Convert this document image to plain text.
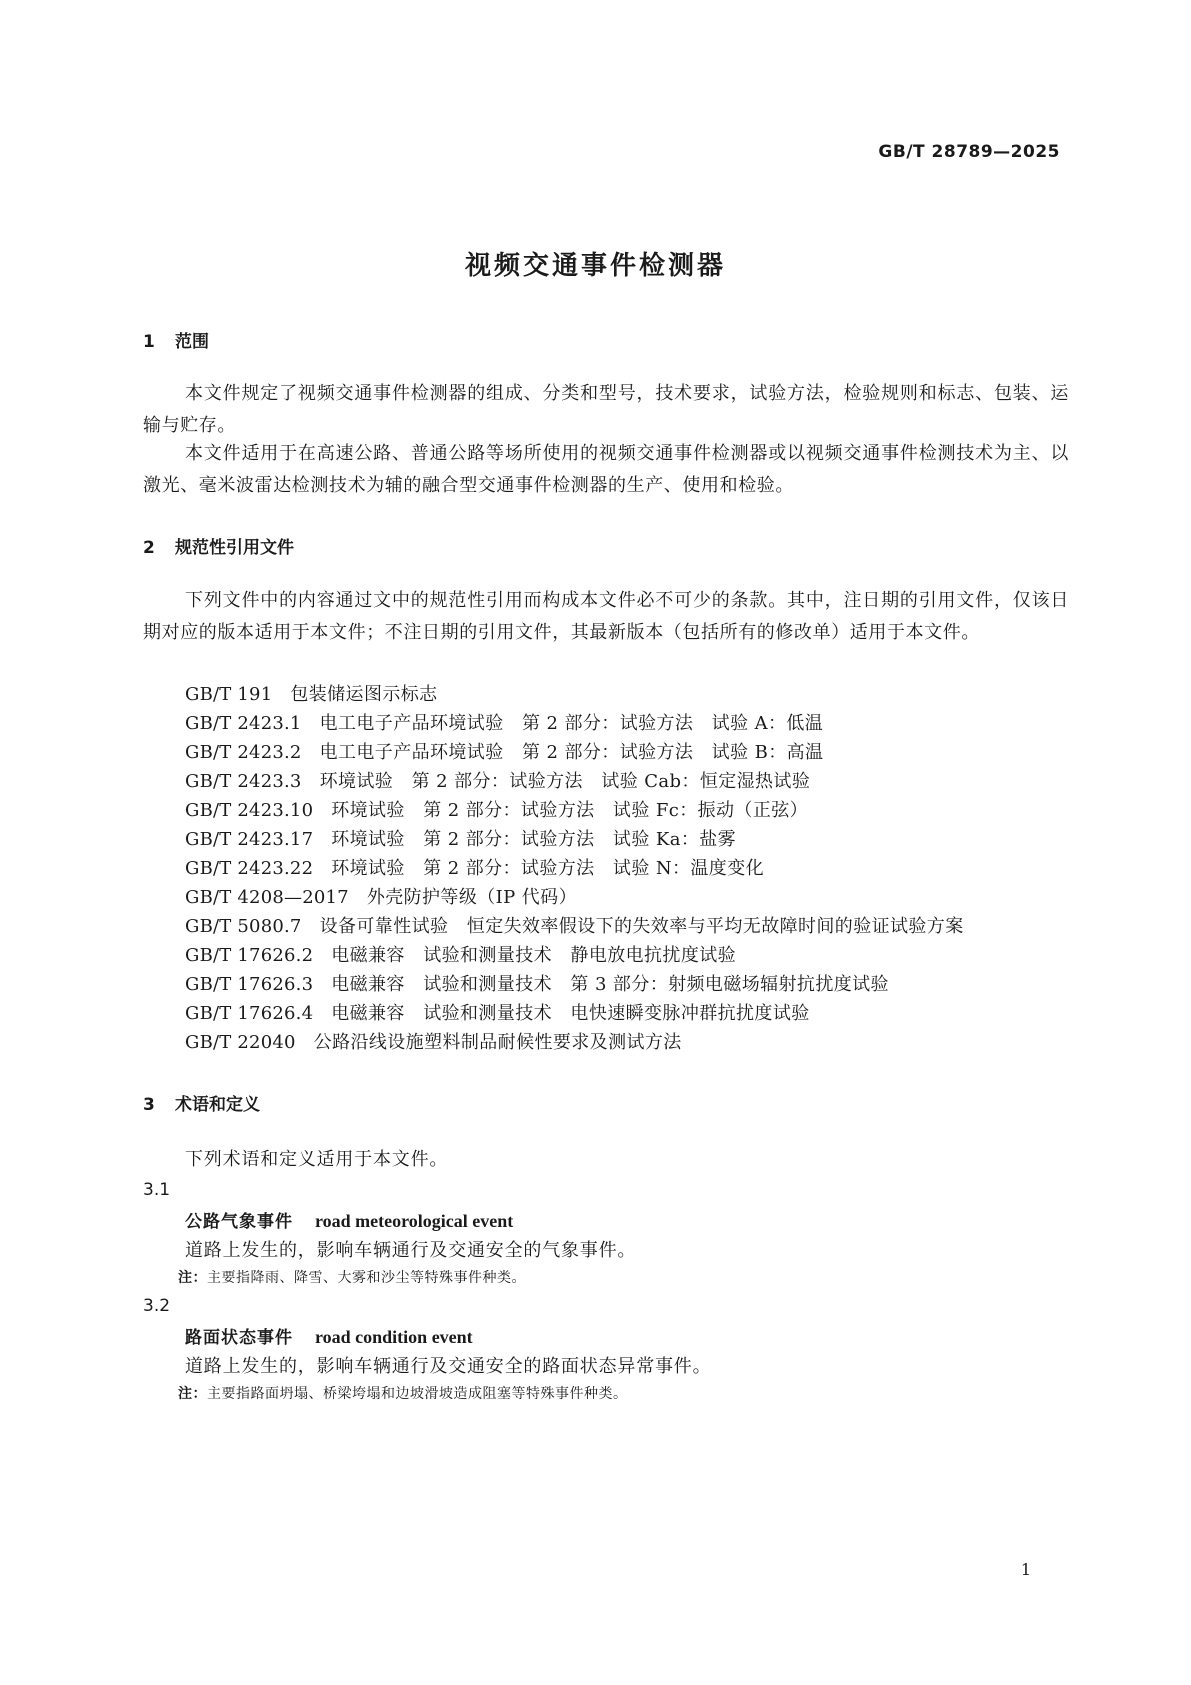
GB/T 28789—2025
视频交通事件检测器
1 范围
本文件规定了视频交通事件检测器的组成、分类和型号，技术要求，试验方法，检验规则和标志、包装、运输与贮存。
本文件适用于在高速公路、普通公路等场所使用的视频交通事件检测器或以视频交通事件检测技术为主、以激光、毫米波雷达检测技术为辅的融合型交通事件检测器的生产、使用和检验。
2 规范性引用文件
下列文件中的内容通过文中的规范性引用而构成本文件必不可少的条款。其中，注日期的引用文件，仅该日期对应的版本适用于本文件；不注日期的引用文件，其最新版本（包括所有的修改单）适用于本文件。
GB/T 191 包装储运图示标志
GB/T 2423.1 电工电子产品环境试验　第 2 部分：试验方法　试验 A：低温
GB/T 2423.2 电工电子产品环境试验　第 2 部分：试验方法　试验 B：高温
GB/T 2423.3 环境试验　第 2 部分：试验方法　试验 Cab：恒定湿热试验
GB/T 2423.10 环境试验　第 2 部分：试验方法　试验 Fc：振动（正弦）
GB/T 2423.17 环境试验　第 2 部分：试验方法　试验 Ka：盐雾
GB/T 2423.22 环境试验　第 2 部分：试验方法　试验 N：温度变化
GB/T 4208—2017 外壳防护等级（IP 代码）
GB/T 5080.7 设备可靠性试验　恒定失效率假设下的失效率与平均无故障时间的验证试验方案
GB/T 17626.2 电磁兼容　试验和测量技术　静电放电抗扰度试验
GB/T 17626.3 电磁兼容　试验和测量技术　第 3 部分：射频电磁场辐射抗扰度试验
GB/T 17626.4 电磁兼容　试验和测量技术　电快速瞬变脉冲群抗扰度试验
GB/T 22040 公路沿线设施塑料制品耐候性要求及测试方法
3 术语和定义
下列术语和定义适用于本文件。
3.1
公路气象事件 road meteorological event
道路上发生的，影响车辆通行及交通安全的气象事件。
注：主要指降雨、降雪、大雾和沙尘等特殊事件种类。
3.2
路面状态事件 road condition event
道路上发生的，影响车辆通行及交通安全的路面状态异常事件。
注：主要指路面坍塌、桥梁垮塌和边坡滑坡造成阻塞等特殊事件种类。
1
